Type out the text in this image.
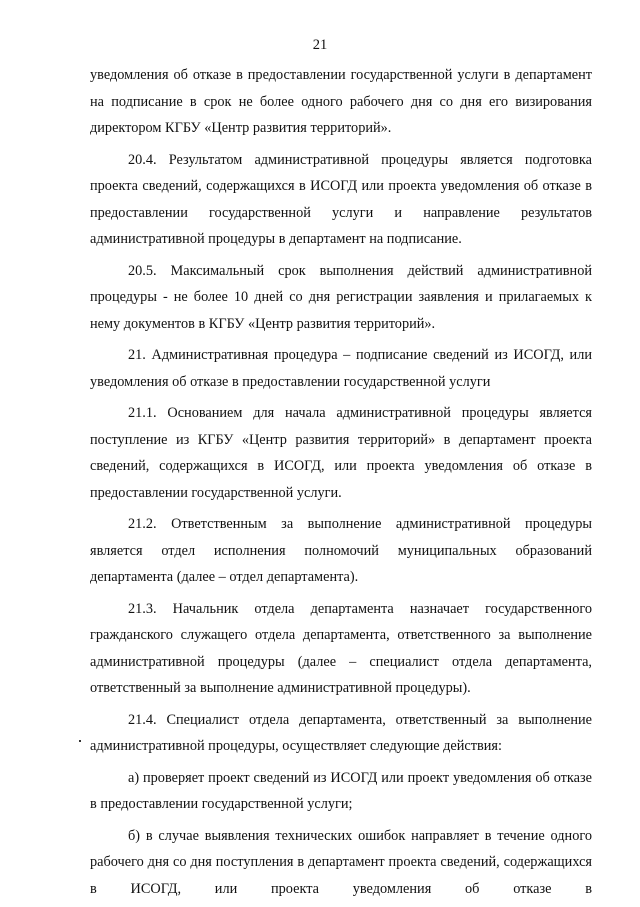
21

уведомления об отказе в предоставлении государственной услуги в департамент на подписание в срок не более одного рабочего дня со дня его визирования директором КГБУ «Центр развития территорий».

20.4. Результатом административной процедуры является подготовка проекта сведений, содержащихся в ИСОГД или проекта уведомления об отказе в предоставлении государственной услуги и направление результатов административной процедуры в департамент на подписание.

20.5. Максимальный срок выполнения действий административной процедуры - не более 10 дней со дня регистрации заявления и прилагаемых к нему документов в КГБУ «Центр развития территорий».

21. Административная процедура – подписание сведений из ИСОГД, или уведомления об отказе в предоставлении государственной услуги

21.1. Основанием для начала административной процедуры является поступление из КГБУ «Центр развития территорий» в департамент проекта сведений, содержащихся в ИСОГД, или проекта уведомления об отказе в предоставлении государственной услуги.

21.2. Ответственным за выполнение административной процедуры является отдел исполнения полномочий муниципальных образований департамента (далее – отдел департамента).

21.3. Начальник отдела департамента назначает государственного гражданского служащего отдела департамента, ответственного за выполнение административной процедуры (далее – специалист отдела департамента, ответственный за выполнение административной процедуры).

21.4. Специалист отдела департамента, ответственный за выполнение административной процедуры, осуществляет следующие действия:

а) проверяет проект сведений из ИСОГД или проект уведомления об отказе в предоставлении государственной услуги;

б) в случае выявления технических ошибок направляет в течение одного рабочего дня со дня поступления в департамент проекта сведений, содержащихся в ИСОГД, или проекта уведомления об отказе в
